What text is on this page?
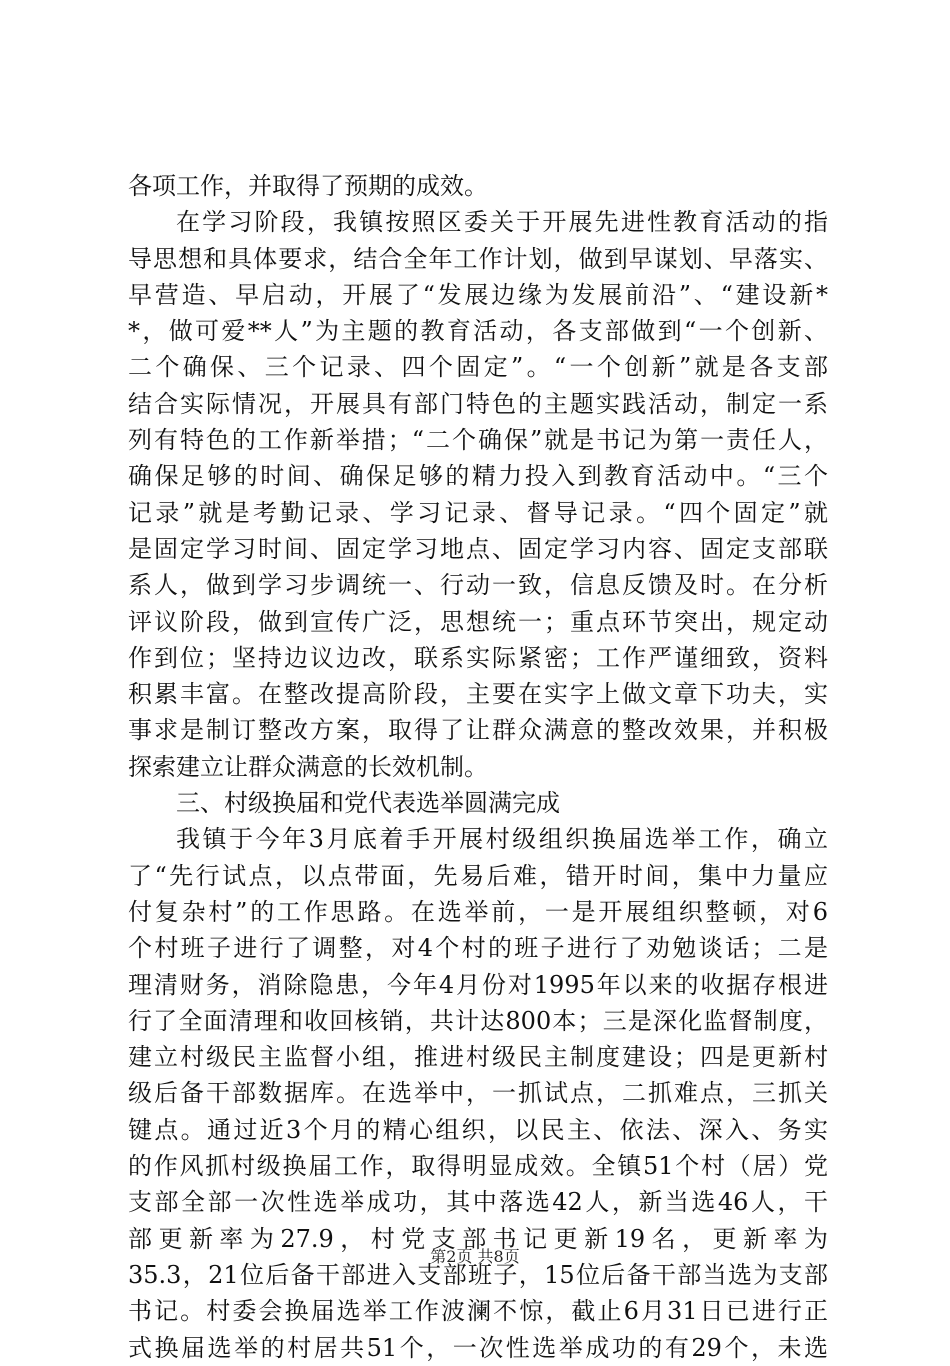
各项工作，并取得了预期的成效。
在学习阶段，我镇按照区委关于开展先进性教育活动的指
导思想和具体要求，结合全年工作计划，做到早谋划、早落实、
早营造、早启动，开展了“发展边缘为发展前沿”、“建设新*
*，做可爱**人”为主题的教育活动，各支部做到“一个创新、
二个确保、三个记录、四个固定”。“一个创新”就是各支部
结合实际情况，开展具有部门特色的主题实践活动，制定一系
列有特色的工作新举措；“二个确保”就是书记为第一责任人，
确保足够的时间、确保足够的精力投入到教育活动中。“三个
记录”就是考勤记录、学习记录、督导记录。“四个固定”就
是固定学习时间、固定学习地点、固定学习内容、固定支部联
系人，做到学习步调统一、行动一致，信息反馈及时。在分析
评议阶段，做到宣传广泛，思想统一；重点环节突出，规定动
作到位；坚持边议边改，联系实际紧密；工作严谨细致，资料
积累丰富。在整改提高阶段，主要在实字上做文章下功夫，实
事求是制订整改方案，取得了让群众满意的整改效果，并积极
探索建立让群众满意的长效机制。
三、村级换届和党代表选举圆满完成
我镇于今年3月底着手开展村级组织换届选举工作，确立
了“先行试点，以点带面，先易后难，错开时间，集中力量应
付复杂村”的工作思路。在选举前，一是开展组织整顿，对6
个村班子进行了调整，对4个村的班子进行了劝勉谈话；二是
理清财务，消除隐患，今年4月份对1995年以来的收据存根进
行了全面清理和收回核销，共计达800本；三是深化监督制度，
建立村级民主监督小组，推进村级民主制度建设；四是更新村
级后备干部数据库。在选举中，一抓试点，二抓难点，三抓关
键点。通过近3个月的精心组织，以民主、依法、深入、务实
的作风抓村级换届工作，取得明显成效。全镇51个村（居）党
支部全部一次性选举成功，其中落选42人，新当选46人，干
部更新率为27.9，村党支部书记更新19名，更新率为
35.3，21位后备干部进入支部班子，15位后备干部当选为支部
书记。村委会换届选举工作波澜不惊，截止6月31日已进行正
式换届选举的村居共51个，一次性选举成功的有29个，未选
第2页 共8页
